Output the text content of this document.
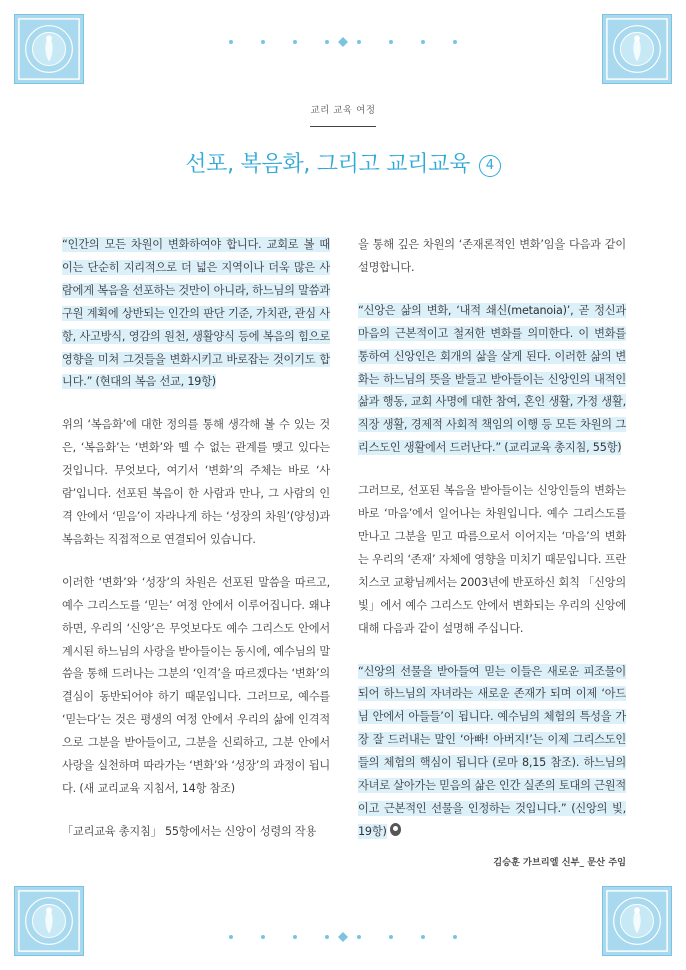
교리 교육 여정
선포, 복음화, 그리고 교리교육 4

“인간의 모든 차원이 변화하여야 합니다. 교회로 볼 때 이는 단순히 지리적으로 더 넓은 지역이나 더욱 많은 사람에게 복음을 선포하는 것만이 아니라, 하느님의 말씀과 구원 계획에 상반되는 인간의 판단 기준, 가치관, 관심 사항, 사고방식, 영감의 원천, 생활양식 등에 복음의 힘으로 영향을 미쳐 그것들을 변화시키고 바로잡는 것이기도 합니다.” (현대의 복음 선교, 19항)

위의 ‘복음화’에 대한 정의를 통해 생각해 볼 수 있는 것은, ‘복음화’는 ‘변화’와 뗄 수 없는 관계를 맺고 있다는 것입니다. 무엇보다, 여기서 ‘변화’의 주체는 바로 ‘사람’입니다. 선포된 복음이 한 사람과 만나, 그 사람의 인격 안에서 ‘믿음’이 자라나게 하는 ‘성장의 차원’(양성)과 복음화는 직접적으로 연결되어 있습니다.

이러한 ‘변화’와 ‘성장’의 차원은 선포된 말씀을 따르고, 예수 그리스도를 ‘믿는’ 여정 안에서 이루어집니다. 왜냐하면, 우리의 ‘신앙’은 무엇보다도 예수 그리스도 안에서 계시된 하느님의 사랑을 받아들이는 동시에, 예수님의 말씀을 통해 드러나는 그분의 ‘인격’을 따르겠다는 ‘변화’의 결심이 동반되어야 하기 때문입니다. 그러므로, 예수를 ‘믿는다’는 것은 평생의 여정 안에서 우리의 삶에 인격적으로 그분을 받아들이고, 그분을 신뢰하고, 그분 안에서 사랑을 실천하며 따라가는 ‘변화’와 ‘성장’의 과정이 됩니다. (새 교리교육 지침서, 14항 참조)

「교리교육 총지침」 55항에서는 신앙이 성령의 작용

을 통해 깊은 차원의 ‘존재론적인 변화’임을 다음과 같이 설명합니다.

“신앙은 삶의 변화, ‘내적 쇄신(metanoia)’, 곧 정신과 마음의 근본적이고 철저한 변화를 의미한다. 이 변화를 통하여 신앙인은 회개의 삶을 살게 된다. 이러한 삶의 변화는 하느님의 뜻을 받들고 받아들이는 신앙인의 내적인 삶과 행동, 교회 사명에 대한 참여, 혼인 생활, 가정 생활, 직장 생활, 경제적 사회적 책임의 이행 등 모든 차원의 그리스도인 생활에서 드러난다.” (교리교육 총지침, 55항)

그러므로, 선포된 복음을 받아들이는 신앙인들의 변화는 바로 ‘마음’에서 일어나는 차원입니다. 예수 그리스도를 만나고 그분을 믿고 따름으로서 이어지는 ‘마음’의 변화는 우리의 ‘존재’ 자체에 영향을 미치기 때문입니다. 프란치스코 교황님께서는 2003년에 반포하신 회칙 「신앙의 빛」에서 예수 그리스도 안에서 변화되는 우리의 신앙에 대해 다음과 같이 설명해 주십니다.

“신앙의 선물을 받아들여 믿는 이들은 새로운 피조물이 되어 하느님의 자녀라는 새로운 존재가 되며 이제 ‘아드님 안에서 아들들’이 됩니다. 예수님의 체험의 특성을 가장 잘 드러내는 말인 ‘아빠! 아버지!’는 이제 그리스도인들의 체험의 핵심이 됩니다 (로마 8,15 참조). 하느님의 자녀로 살아가는 믿음의 삶은 인간 실존의 토대의 근원적이고 근본적인 선물을 인정하는 것입니다.” (신앙의 빛, 19항)

김승훈 가브리엘 신부_ 문산 주임
